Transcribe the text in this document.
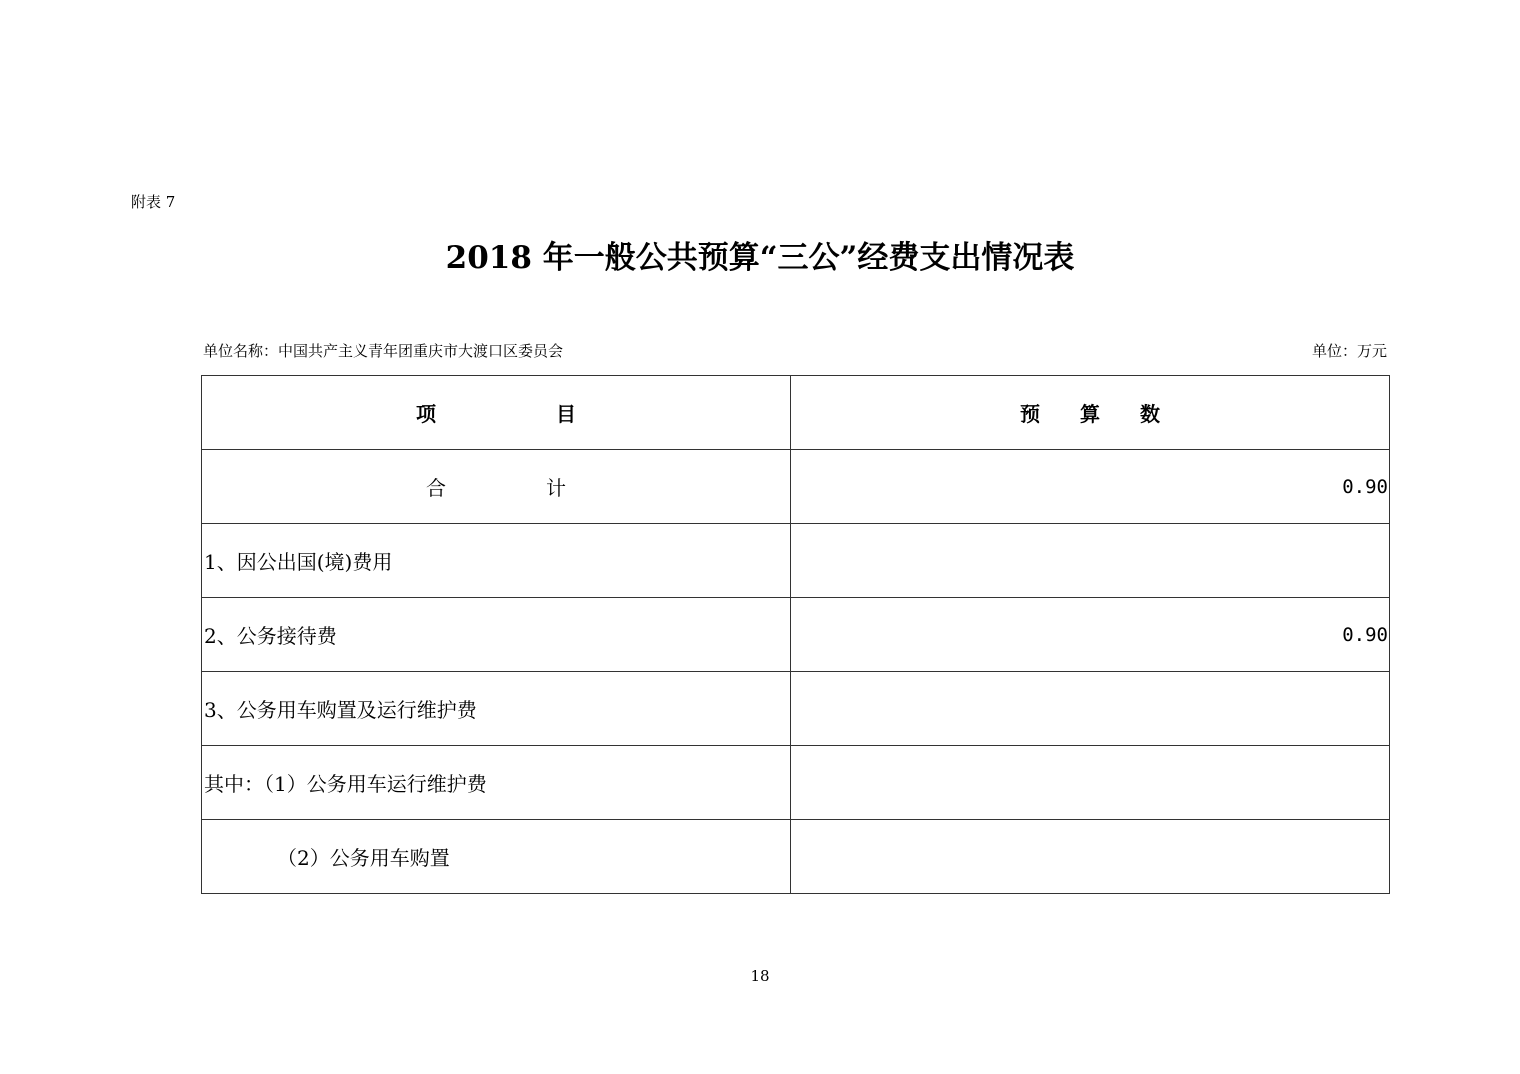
附表 7
2018 年一般公共预算“三公”经费支出情况表
单位名称：中国共产主义青年团重庆市大渡口区委员会	单位：万元
项　　　　　　目	预　　算　　数
合　　　　　计	0.90
1、因公出国(境)费用	
2、公务接待费	0.90
3、公务用车购置及运行维护费	
其中：（1）公务用车运行维护费	
（2）公务用车购置	
18
